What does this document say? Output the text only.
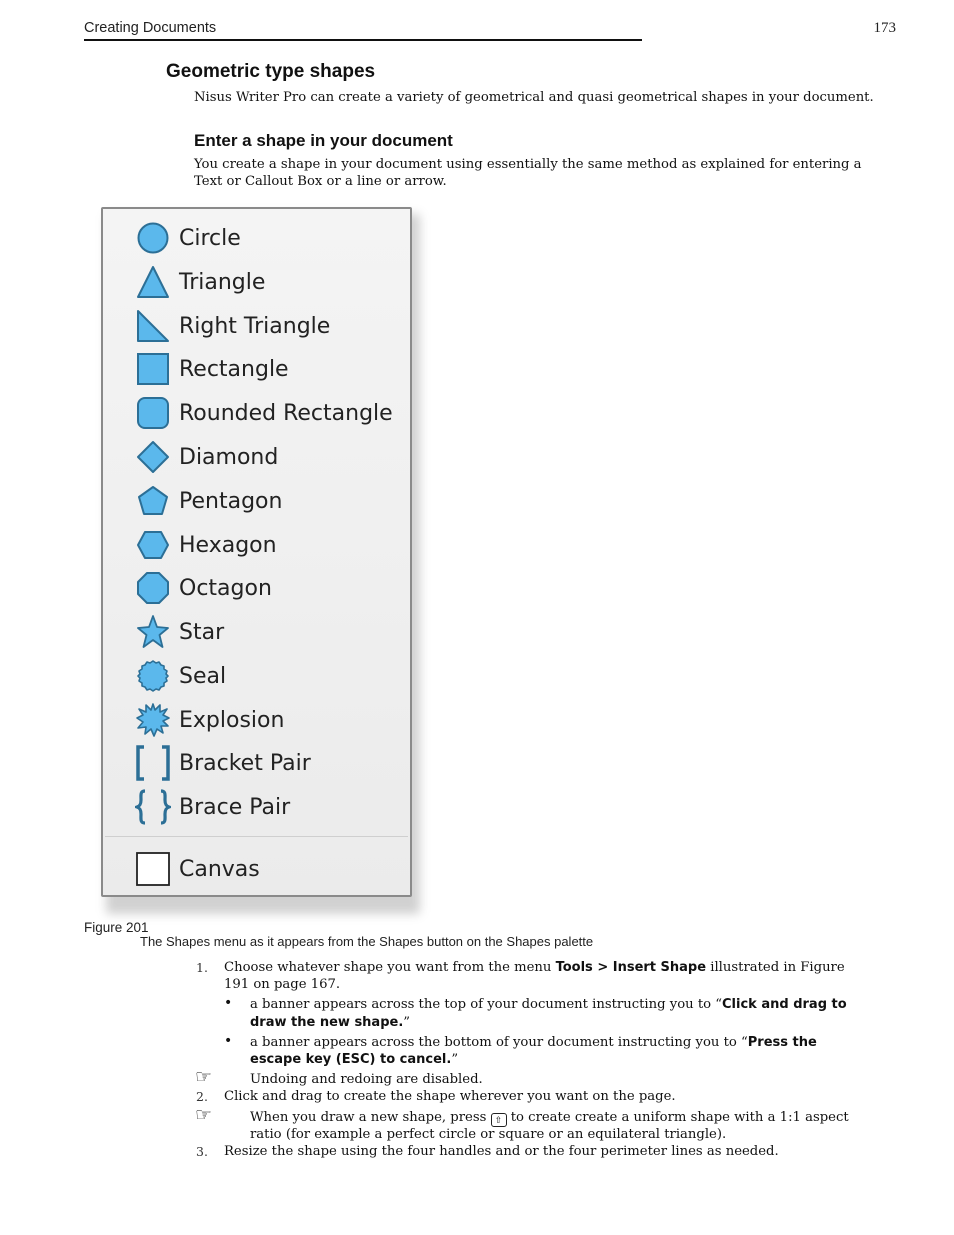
Creating Documents	173
Geometric type shapes
Nisus Writer Pro can create a variety of geometrical and quasi geometrical shapes in your document.
Enter a shape in your document
You create a shape in your document using essentially the same method as explained for entering a Text or Callout Box or a line or arrow.
Circle
Triangle
Right Triangle
Rectangle
Rounded Rectangle
Diamond
Pentagon
Hexagon
Octagon
Star
Seal
Explosion
Bracket Pair
Brace Pair
Canvas
Figure 201
The Shapes menu as it appears from the Shapes button on the Shapes palette
1. Choose whatever shape you want from the menu Tools > Insert Shape illustrated in Figure
191 on page 167.
• a banner appears across the top of your document instructing you to “Click and drag to
draw the new shape.”
• a banner appears across the bottom of your document instructing you to “Press the
escape key (ESC) to cancel.”
☞	Undoing and redoing are disabled.
2. Click and drag to create the shape wherever you want on the page.
☞	When you draw a new shape, press ⇧ to create create a uniform shape with a 1:1 aspect
ratio (for example a perfect circle or square or an equilateral triangle).
3. Resize the shape using the four handles and or the four perimeter lines as needed.
